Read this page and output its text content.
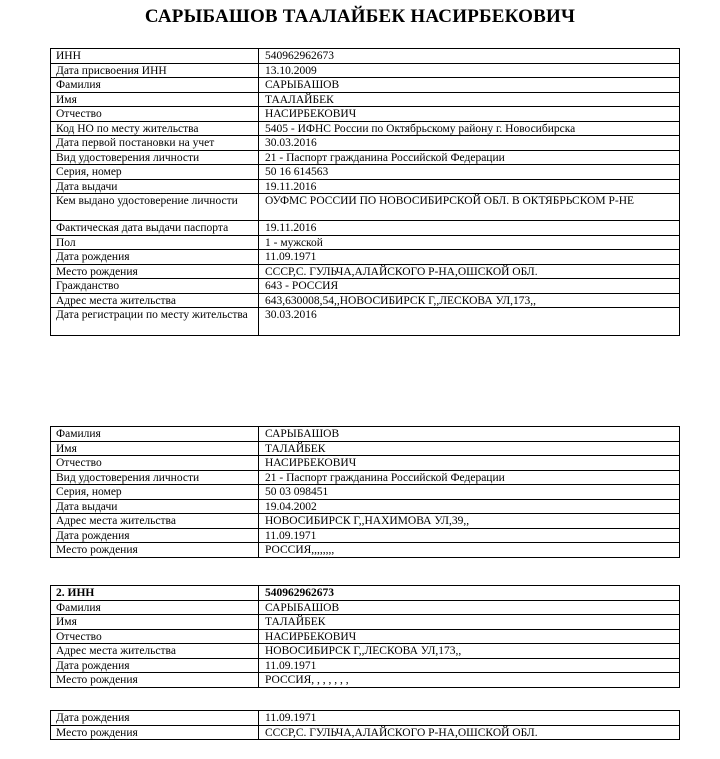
САРЫБАШОВ ТААЛАЙБЕК НАСИРБЕКОВИЧ
ИНН	540962962673
Дата присвоения ИНН	13.10.2009
Фамилия	САРЫБАШОВ
Имя	ТААЛАЙБЕК
Отчество	НАСИРБЕКОВИЧ
Код НО по месту жительства	5405 - ИФНС России по Октябрьскому району г. Новосибирска
Дата первой постановки на учет	30.03.2016
Вид удостоверения личности	21 - Паспорт гражданина Российской Федерации
Серия, номер	50 16 614563
Дата выдачи	19.11.2016
Кем выдано удостоверение личности	ОУФМС РОССИИ ПО НОВОСИБИРСКОЙ ОБЛ. В ОКТЯБРЬСКОМ Р-НЕ
Фактическая дата выдачи паспорта	19.11.2016
Пол	1 - мужской
Дата рождения	11.09.1971
Место рождения	СССР,С. ГУЛЬЧА,АЛАЙСКОГО Р-НА,ОШСКОЙ ОБЛ.
Гражданство	643 - РОССИЯ
Адрес места жительства	643,630008,54,,НОВОСИБИРСК Г,,ЛЕСКОВА УЛ,173,,
Дата регистрации по месту жительства	30.03.2016
Фамилия	САРЫБАШОВ
Имя	ТАЛАЙБЕК
Отчество	НАСИРБЕКОВИЧ
Вид удостоверения личности	21 - Паспорт гражданина Российской Федерации
Серия, номер	50 03 098451
Дата выдачи	19.04.2002
Адрес места жительства	НОВОСИБИРСК Г,,НАХИМОВА УЛ,39,,
Дата рождения	11.09.1971
Место рождения	РОССИЯ,,,,,,,,
2. ИНН	540962962673
Фамилия	САРЫБАШОВ
Имя	ТАЛАЙБЕК
Отчество	НАСИРБЕКОВИЧ
Адрес места жительства	НОВОСИБИРСК Г,,ЛЕСКОВА УЛ,173,,
Дата рождения	11.09.1971
Место рождения	РОССИЯ, , , , , , ,
Дата рождения	11.09.1971
Место рождения	СССР,С. ГУЛЬЧА,АЛАЙСКОГО Р-НА,ОШСКОЙ ОБЛ.
